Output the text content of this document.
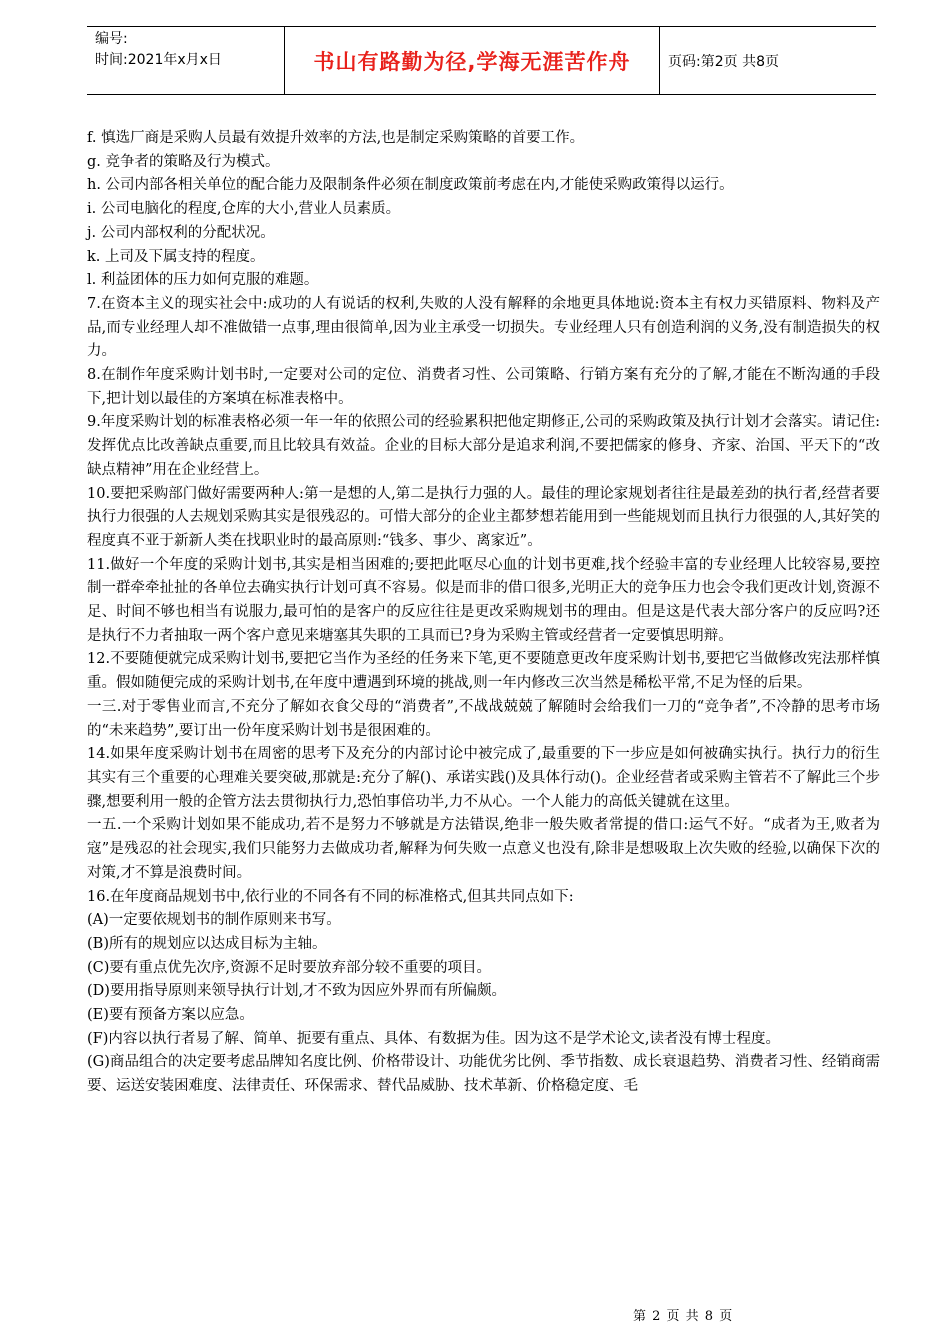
编号:
时间:2021年x月x日	书山有路勤为径,学海无涯苦作舟	页码:第2页 共8页

f. 慎选厂商是采购人员最有效提升效率的方法,也是制定采购策略的首要工作。

g. 竞争者的策略及行为模式。

h. 公司内部各相关单位的配合能力及限制条件必须在制度政策前考虑在内,才能使采购政策得以运行。

i. 公司电脑化的程度,仓库的大小,营业人员素质。

j. 公司内部权利的分配状况。

k. 上司及下属支持的程度。

l. 利益团体的压力如何克服的难题。

7.在资本主义的现实社会中:成功的人有说话的权利,失败的人没有解释的余地更具体地说:资本主有权力买错原料、物料及产品,而专业经理人却不准做错一点事,理由很简单,因为业主承受一切损失。专业经理人只有创造利润的义务,没有制造损失的权力。

8.在制作年度采购计划书时,一定要对公司的定位、消费者习性、公司策略、行销方案有充分的了解,才能在不断沟通的手段下,把计划以最佳的方案填在标准表格中。

9.年度采购计划的标准表格必须一年一年的依照公司的经验累积把他定期修正,公司的采购政策及执行计划才会落实。请记住:发挥优点比改善缺点重要,而且比较具有效益。企业的目标大部分是追求利润,不要把儒家的修身、齐家、治国、平天下的“改缺点精神”用在企业经营上。

10.要把采购部门做好需要两种人:第一是想的人,第二是执行力强的人。最佳的理论家规划者往往是最差劲的执行者,经营者要执行力很强的人去规划采购其实是很残忍的。可惜大部分的企业主都梦想若能用到一些能规划而且执行力很强的人,其好笑的程度真不亚于新新人类在找职业时的最高原则:“钱多、事少、离家近”。

11.做好一个年度的采购计划书,其实是相当困难的;要把此呕尽心血的计划书更难,找个经验丰富的专业经理人比较容易,要控制一群牵牵扯扯的各单位去确实执行计划可真不容易。似是而非的借口很多,光明正大的竞争压力也会令我们更改计划,资源不足、时间不够也相当有说服力,最可怕的是客户的反应往往是更改采购规划书的理由。但是这是代表大部分客户的反应吗?还是执行不力者抽取一两个客户意见来塘塞其失职的工具而已?身为采购主管或经营者一定要慎思明辩。

12.不要随便就完成采购计划书,要把它当作为圣经的任务来下笔,更不要随意更改年度采购计划书,要把它当做修改宪法那样慎重。假如随便完成的采购计划书,在年度中遭遇到环境的挑战,则一年内修改三次当然是稀松平常,不足为怪的后果。

一三.对于零售业而言,不充分了解如衣食父母的“消费者”,不战战兢兢了解随时会给我们一刀的“竞争者”,不冷静的思考市场的“未来趋势”,要订出一份年度采购计划书是很困难的。

14.如果年度采购计划书在周密的思考下及充分的内部讨论中被完成了,最重要的下一步应是如何被确实执行。执行力的衍生其实有三个重要的心理难关要突破,那就是:充分了解()、承诺实践()及具体行动()。企业经营者或采购主管若不了解此三个步骤,想要利用一般的企管方法去贯彻执行力,恐怕事倍功半,力不从心。一个人能力的高低关键就在这里。

一五.一个采购计划如果不能成功,若不是努力不够就是方法错误,绝非一般失败者常提的借口:运气不好。“成者为王,败者为寇”是残忍的社会现实,我们只能努力去做成功者,解释为何失败一点意义也没有,除非是想吸取上次失败的经验,以确保下次的对策,才不算是浪费时间。

16.在年度商品规划书中,依行业的不同各有不同的标准格式,但其共同点如下:

(A)一定要依规划书的制作原则来书写。

(B)所有的规划应以达成目标为主轴。

(C)要有重点优先次序,资源不足时要放弃部分较不重要的项目。

(D)要用指导原则来领导执行计划,才不致为因应外界而有所偏颇。

(E)要有预备方案以应急。

(F)内容以执行者易了解、简单、扼要有重点、具体、有数据为佳。因为这不是学术论文,读者没有博士程度。

(G)商品组合的决定要考虑品牌知名度比例、价格带设计、功能优劣比例、季节指数、成长衰退趋势、消费者习性、经销商需要、运送安装困难度、法律责任、环保需求、替代品威胁、技术革新、价格稳定度、毛

第 2 页 共 8 页
